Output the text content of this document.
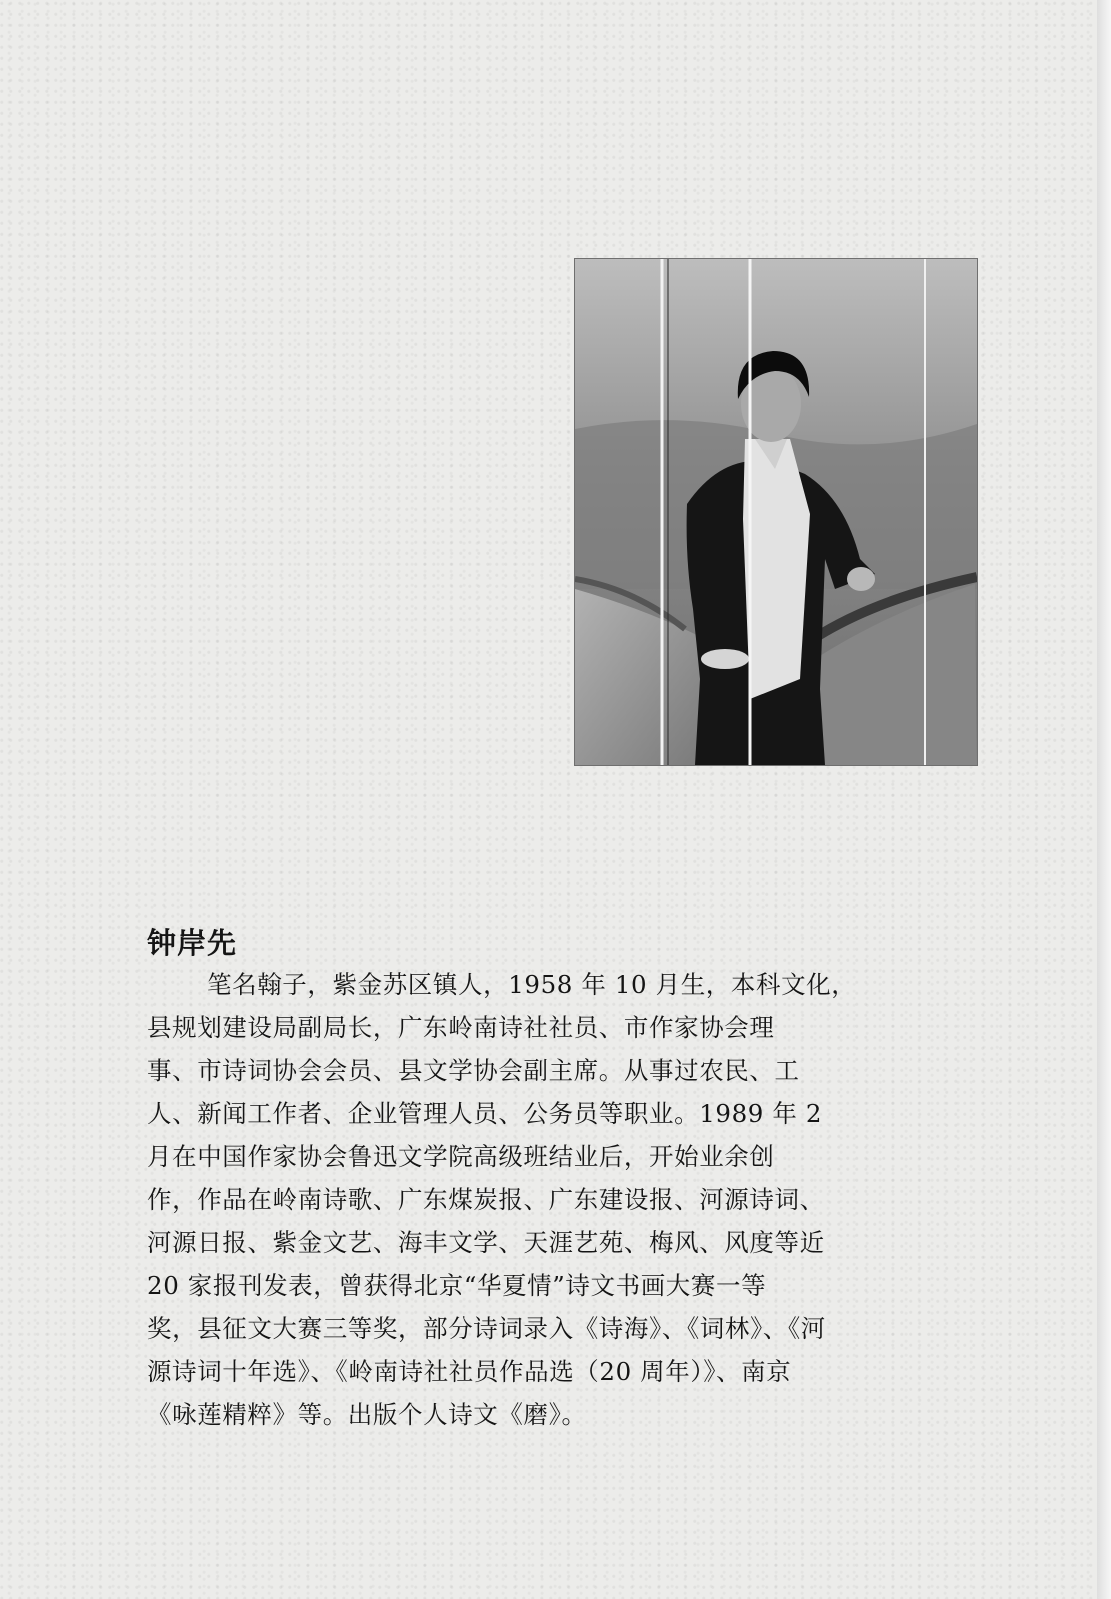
钟岸先
笔名翰子，紫金苏区镇人，1958 年 10 月生，本科文化，
县规划建设局副局长，广东岭南诗社社员、市作家协会理
事、市诗词协会会员、县文学协会副主席。从事过农民、工
人、新闻工作者、企业管理人员、公务员等职业。1989 年 2
月在中国作家协会鲁迅文学院高级班结业后，开始业余创
作，作品在岭南诗歌、广东煤炭报、广东建设报、河源诗词、
河源日报、紫金文艺、海丰文学、天涯艺苑、梅风、风度等近
20 家报刊发表，曾获得北京“华夏情”诗文书画大赛一等
奖，县征文大赛三等奖，部分诗词录入《诗海》、《词林》、《河
源诗词十年选》、《岭南诗社社员作品选（20 周年）》、南京
《咏莲精粹》等。出版个人诗文《磨》。
